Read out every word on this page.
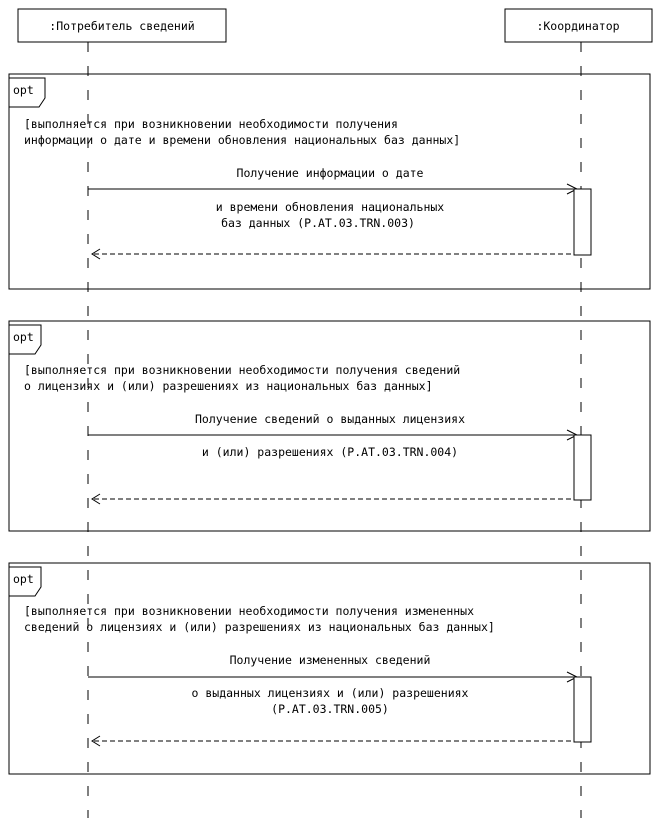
:Потребитель сведений	:Координатор
opt
[выполняется при возникновении необходимости получения
информации о дате и времени обновления национальных баз данных]
Получение информации о дате
и времени обновления национальных
баз данных (P.AT.03.TRN.003)
opt
[выполняется при возникновении необходимости получения сведений
о лицензиях и (или) разрешениях из национальных баз данных]
Получение сведений о выданных лицензиях
и (или) разрешениях (P.AT.03.TRN.004)
opt
[выполняется при возникновении необходимости получения измененных
сведений о лицензиях и (или) разрешениях из национальных баз данных]
Получение измененных сведений
о выданных лицензиях и (или) разрешениях
(P.AT.03.TRN.005)
